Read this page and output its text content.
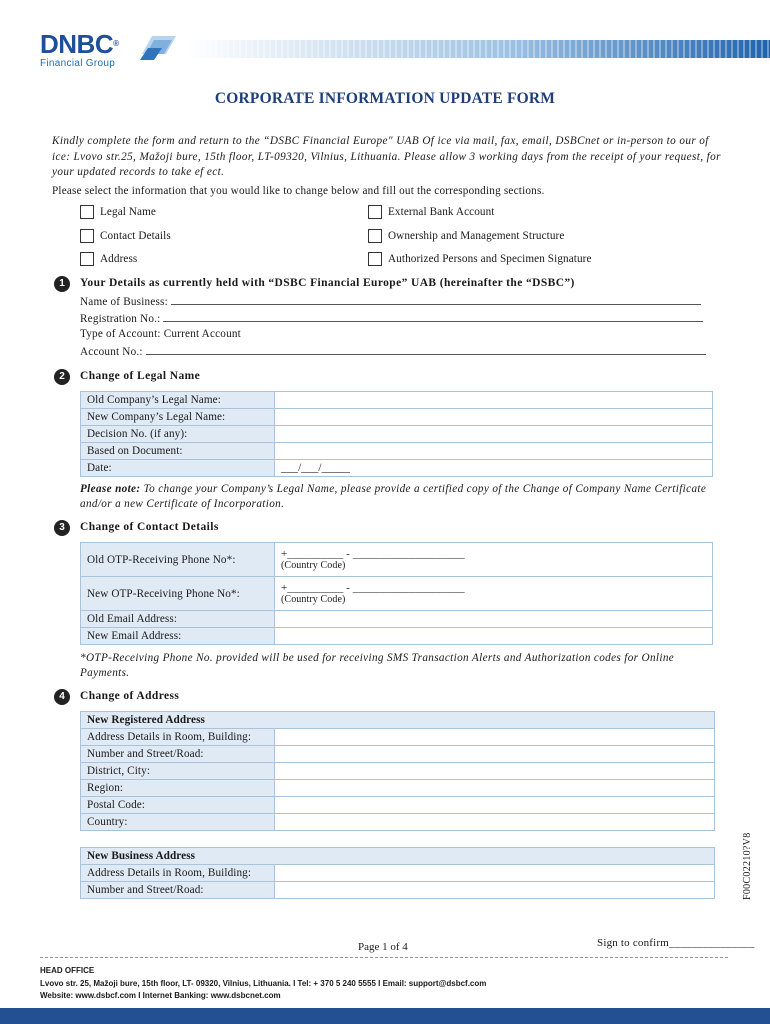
DNBC®
Financial Group
CORPORATE INFORMATION UPDATE FORM
Kindly complete the form and return to the “DSBC Financial Europe" UAB Of ice via mail, fax, email, DSBCnet or in-person to our of ice: Lvovo str.25, Mažoji bure, 15th floor, LT-09320, Vilnius, Lithuania. Please allow 3 working days from the receipt of your request, for your updated records to take ef ect.
Please select the information that you would like to change below and fill out the corresponding sections.
Legal Name	External Bank Account
Contact Details	Ownership and Management Structure
Address	Authorized Persons and Specimen Signature
1	Your Details as currently held with “DSBC Financial Europe” UAB (hereinafter the “DSBC”)
Name of Business:
Registration No.:
Type of Account: Current Account
Account No.:
2	Change of Legal Name
Old Company’s Legal Name:	
New Company’s Legal Name:	
Decision No. (if any):	
Based on Document:	
Date:	___/___/_____
Please note: To change your Company’s Legal Name, please provide a certified copy of the Change of Company Name Certificate and/or a new Certificate of Incorporation.
3	Change of Contact Details
Old OTP-Receiving Phone No*:	+__________ - ____________________
(Country Code)

New OTP-Receiving Phone No*:	+__________ - ____________________
(Country Code)

Old Email Address:	
New Email Address:	
*OTP-Receiving Phone No. provided will be used for receiving SMS Transaction Alerts and Authorization codes for Online Payments.
4	Change of Address
New Registered Address	
Address Details in Room, Building:	
Number and Street/Road:	
District, City:	
Region:	
Postal Code:	
Country:	
New Business Address	
Address Details in Room, Building:	
Number and Street/Road:		F00C02210?V8
Page 1 of 4	Sign to confirm_______________
HEAD OFFICE
Lvovo str. 25, Mažoji bure, 15th floor, LT- 09320, Vilnius, Lithuania. I Tel: + 370 5 240 5555 I Email: support@dsbcf.com
Website: www.dsbcf.com I Internet Banking: www.dsbcnet.com
